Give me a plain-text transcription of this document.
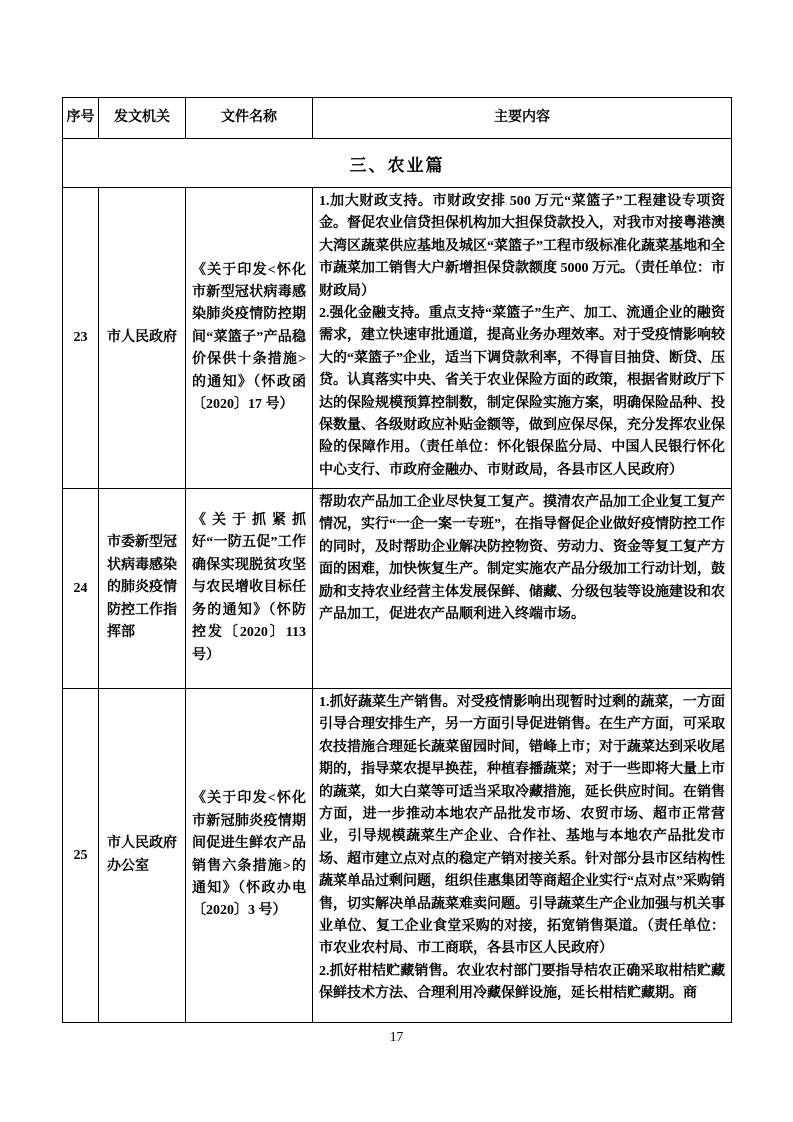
序号	发文机关	文件名称	主要内容
三、农业篇			
23	市人民政府	《关于印发<怀化市新型冠状病毒感染肺炎疫情防控期间“菜篮子”产品稳价保供十条措施>的通知》（怀政函〔2020〕17 号）	1.加大财政支持。市财政安排 500 万元“菜篮子”工程建设专项资金。督促农业信贷担保机构加大担保贷款投入，对我市对接粤港澳大湾区蔬菜供应基地及城区“菜篮子”工程市级标准化蔬菜基地和全市蔬菜加工销售大户新增担保贷款额度 5000 万元。（责任单位：市财政局）

2.强化金融支持。重点支持“菜篮子”生产、加工、流通企业的融资需求，建立快速审批通道，提高业务办理效率。对于受疫情影响较大的“菜篮子”企业，适当下调贷款利率，不得盲目抽贷、断贷、压贷。认真落实中央、省关于农业保险方面的政策，根据省财政厅下达的保险规模预算控制数，制定保险实施方案，明确保险品种、投保数量、各级财政应补贴金额等，做到应保尽保，充分发挥农业保险的保障作用。（责任单位：怀化银保监分局、中国人民银行怀化中心支行、市政府金融办、市财政局，各县市区人民政府）

24	市委新型冠状病毒感染的肺炎疫情防控工作指挥部	《关于抓紧抓好“一防五促”工作确保实现脱贫攻坚与农民增收目标任务的通知》（怀防控发〔2020〕113 号）	帮助农产品加工企业尽快复工复产。摸清农产品加工企业复工复产情况，实行“一企一案一专班”，在指导督促企业做好疫情防控工作的同时，及时帮助企业解决防控物资、劳动力、资金等复工复产方面的困难，加快恢复生产。制定实施农产品分级加工行动计划，鼓励和支持农业经营主体发展保鲜、储藏、分级包装等设施建设和农产品加工，促进农产品顺利进入终端市场。

25	市人民政府办公室	《关于印发<怀化市新冠肺炎疫情期间促进生鲜农产品销售六条措施>的通知》（怀政办电〔2020〕3 号）	1.抓好蔬菜生产销售。对受疫情影响出现暂时过剩的蔬菜，一方面引导合理安排生产，另一方面引导促进销售。在生产方面，可采取农技措施合理延长蔬菜留园时间，错峰上市；对于蔬菜达到采收尾期的，指导菜农提早换茬，种植春播蔬菜；对于一些即将大量上市的蔬菜，如大白菜等可适当采取冷藏措施，延长供应时间。在销售方面，进一步推动本地农产品批发市场、农贸市场、超市正常营业，引导规模蔬菜生产企业、合作社、基地与本地农产品批发市场、超市建立点对点的稳定产销对接关系。针对部分县市区结构性蔬菜单品过剩问题，组织佳惠集团等商超企业实行“点对点”采购销售，切实解决单品蔬菜难卖问题。引导蔬菜生产企业加强与机关事业单位、复工企业食堂采购的对接，拓宽销售渠道。（责任单位：市农业农村局、市工商联，各县市区人民政府）

2.抓好柑桔贮藏销售。农业农村部门要指导桔农正确采取柑桔贮藏保鲜技术方法、合理利用冷藏保鲜设施，延长柑桔贮藏期。商

17
